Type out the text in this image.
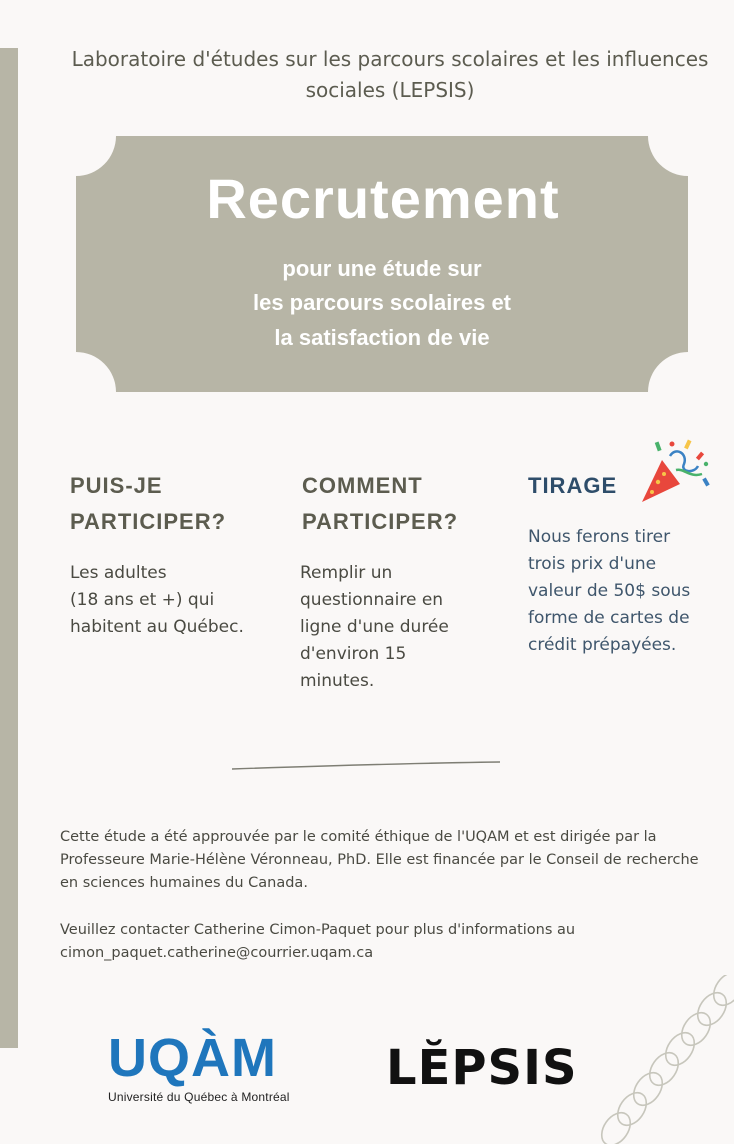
Laboratoire d'études sur les parcours scolaires et les influences sociales (LEPSIS)
Recrutement
pour une étude sur
les parcours scolaires et
la satisfaction de vie
PUIS-JE
PARTICIPER?
Les adultes
(18 ans et +) qui
habitent au Québec.
COMMENT
PARTICIPER?
Remplir un
questionnaire en
ligne d'une durée
d'environ 15
minutes.
TIRAGE
Nous ferons tirer
trois prix d'une
valeur de 50$ sous
forme de cartes de
crédit prépayées.

Cette étude a été approuvée par le comité éthique de l'UQAM et est dirigée par la Professeure Marie-Hélène Véronneau, PhD. Elle est financée par le Conseil de recherche en sciences humaines du Canada.

Veuillez contacter Catherine Cimon-Paquet pour plus d'informations au cimon_paquet.catherine@courrier.uqam.ca

UQÀM
Université du Québec à Montréal
LĔPSIS
